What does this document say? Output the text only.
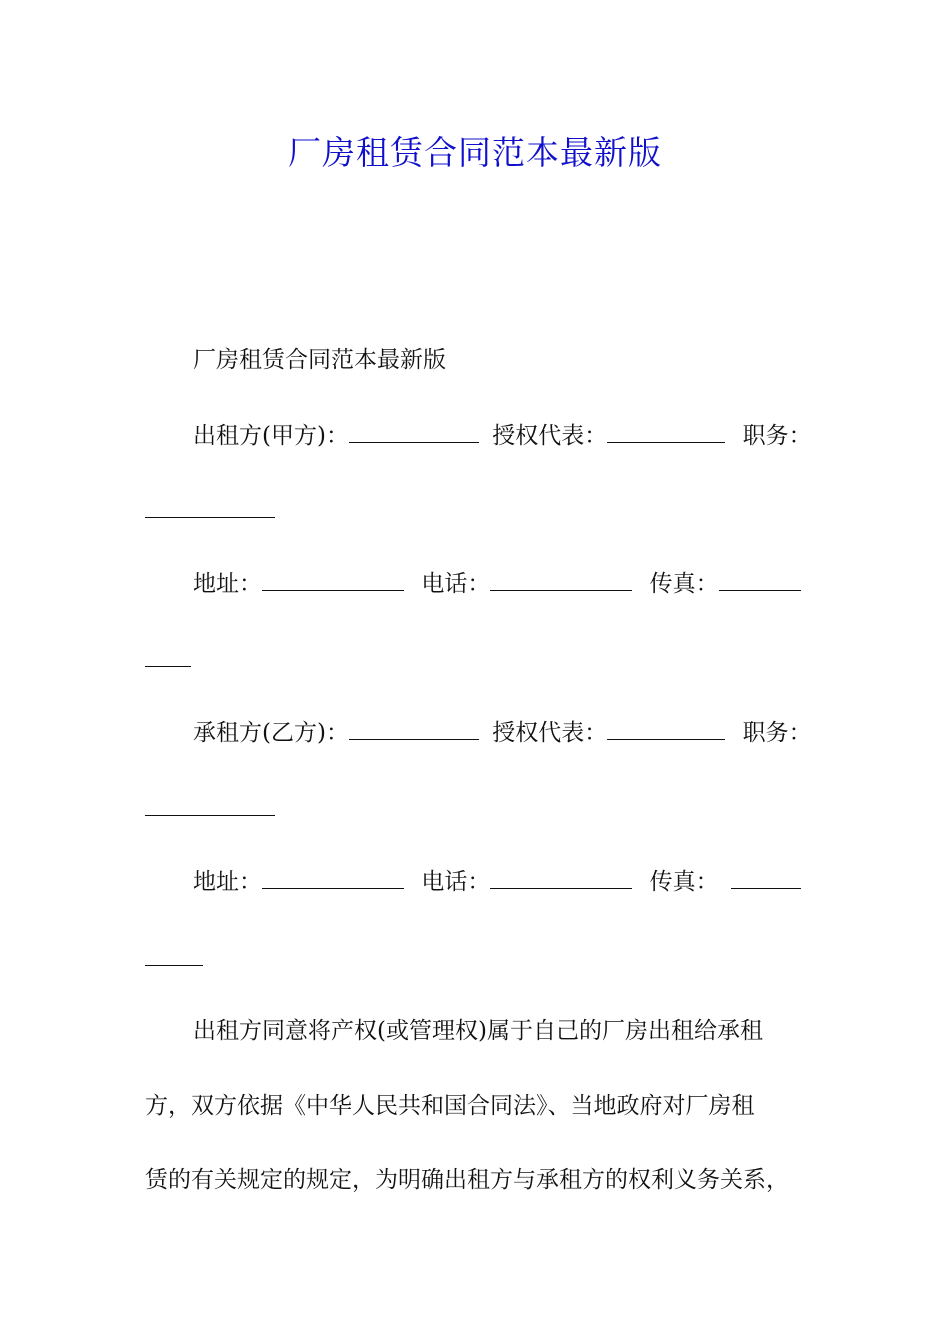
厂房租赁合同范本最新版
厂房租赁合同范本最新版
出租方(甲方)：	授权代表：	职务：
地址：	电话：	传真：
承租方(乙方)：	授权代表：	职务：
地址：	电话：	传真：
出租方同意将产权(或管理权)属于自己的厂房出租给承租
方，双方依据《中华人民共和国合同法》、当地政府对厂房租
赁的有关规定的规定，为明确出租方与承租方的权利义务关系，
